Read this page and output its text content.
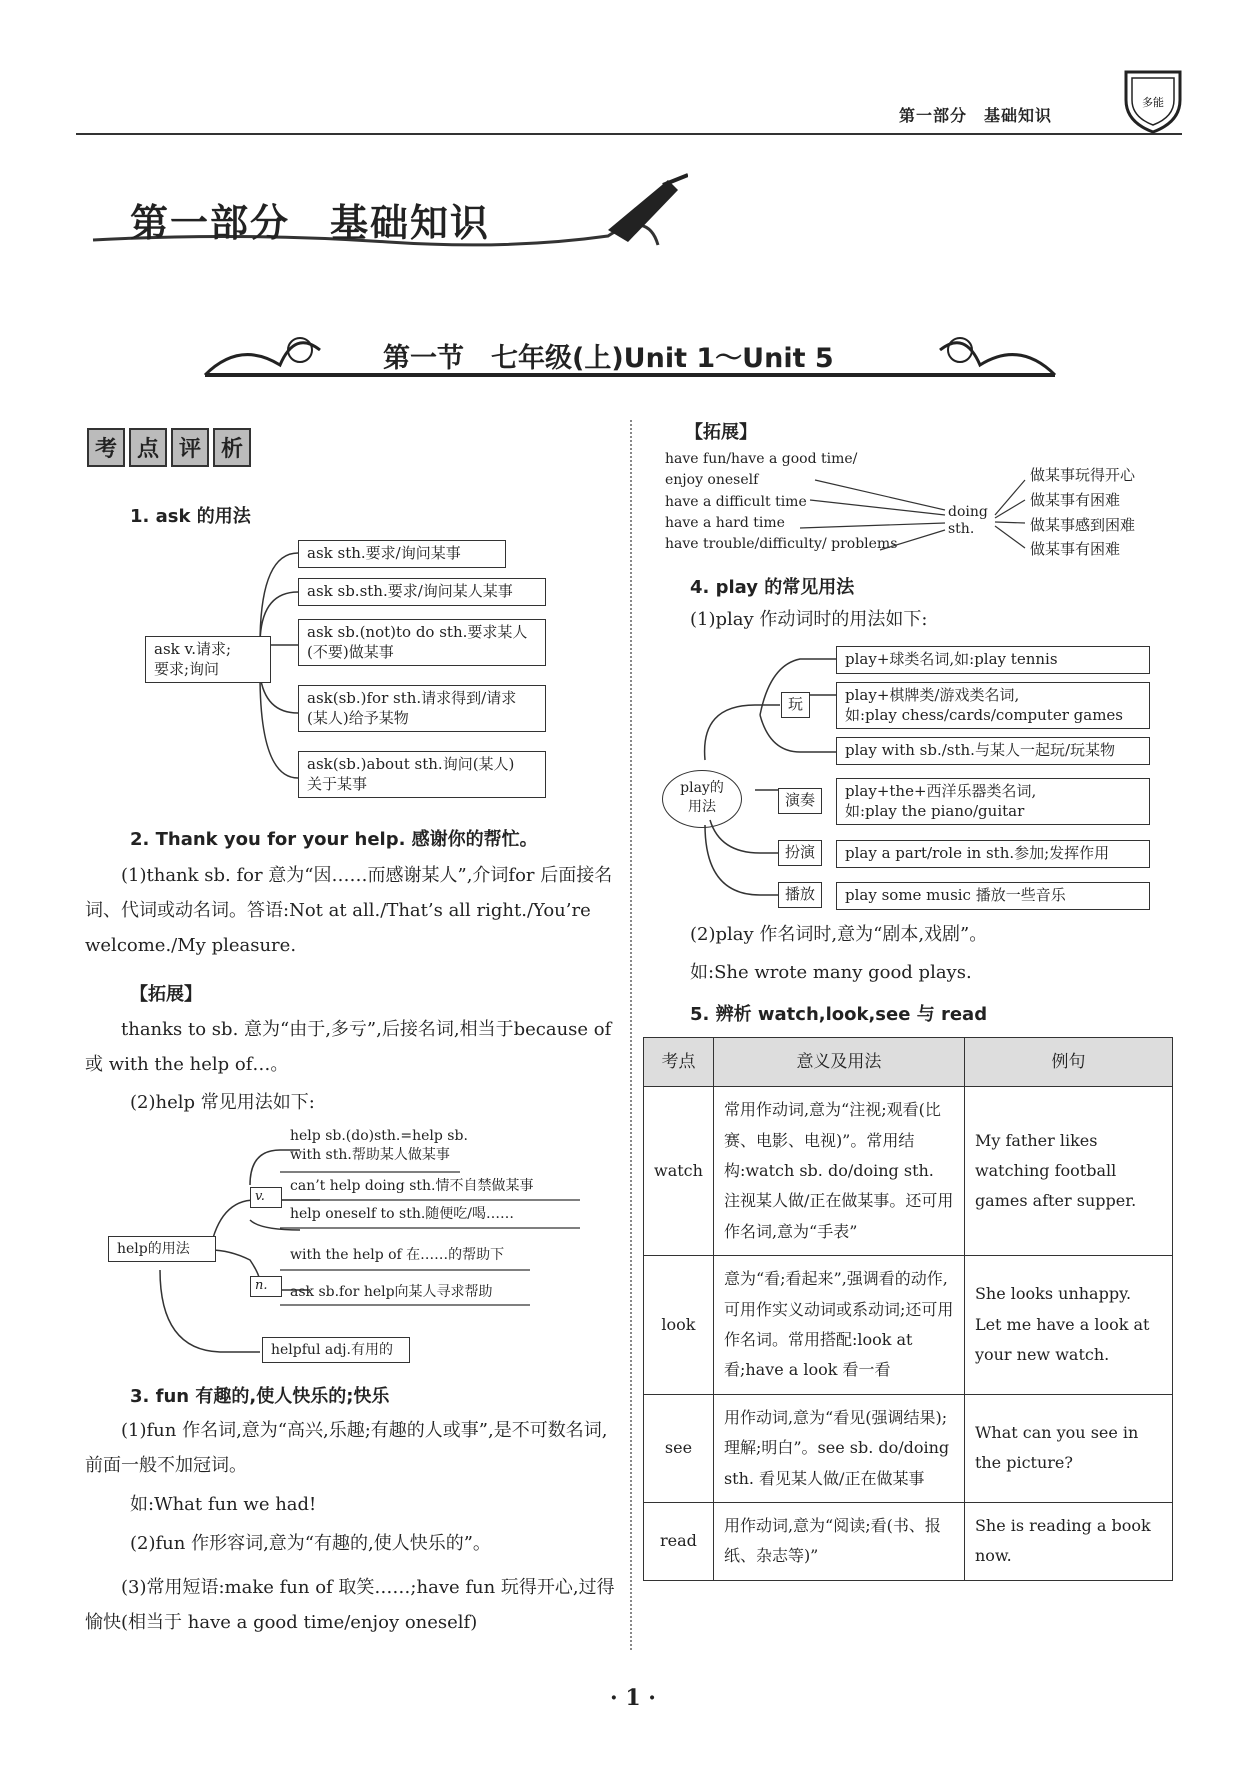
第一部分　基础知识
多能
第一部分　基础知识
第一节　七年级(上)Unit 1～Unit 5
考 点 评 析
1. ask 的用法
ask v.请求;
要求;询问
ask sth.要求/询问某事
ask sb.sth.要求/询问某人某事
ask sb.(not)to do sth.要求某人
(不要)做某事
ask(sb.)for sth.请求得到/请求
(某人)给予某物
ask(sb.)about sth.询问(某人)
关于某事
2. Thank you for your help. 感谢你的帮忙。
(1)thank sb. for 意为“因……而感谢某人”,介词for 后面接名词、代词或动名词。答语:Not at all./That’s all right./You’re welcome./My pleasure.
【拓展】
thanks to sb. 意为“由于,多亏”,后接名词,相当于because of 或 with the help of…。
(2)help 常见用法如下:
help的用法
v.
n.
help sb.(do)sth.=help sb.
with sth.帮助某人做某事
can’t help doing sth.情不自禁做某事
help oneself to sth.随便吃/喝……
with the help of 在……的帮助下
ask sb.for help向某人寻求帮助
helpful adj.有用的
3. fun 有趣的,使人快乐的;快乐
(1)fun 作名词,意为“高兴,乐趣;有趣的人或事”,是不可数名词,前面一般不加冠词。
如:What fun we had!
(2)fun 作形容词,意为“有趣的,使人快乐的”。
(3)常用短语:make fun of 取笑……;have fun 玩得开心,过得愉快(相当于 have a good time/enjoy oneself)
【拓展】
have fun/have a good time/
enjoy oneself
have a difficult time
have a hard time
have trouble/difficulty/ problems
doing
sth.
做某事玩得开心
做某事有困难
做某事感到困难
做某事有困难
4. play 的常见用法
(1)play 作动词时的用法如下:
play的
用法
玩
演奏
扮演
播放
play+球类名词,如:play tennis
play+棋牌类/游戏类名词,
如:play chess/cards/computer games
play with sb./sth.与某人一起玩/玩某物
play+the+西洋乐器类名词,
如:play the piano/guitar
play a part/role in sth.参加;发挥作用
play some music 播放一些音乐
(2)play 作名词时,意为“剧本,戏剧”。
如:She wrote many good plays.
5. 辨析 watch,look,see 与 read
考点	意义及用法	例句
watch	常用作动词,意为“注视;观看(比赛、电影、电视)”。常用结构:watch sb. do/doing sth. 注视某人做/正在做某事。还可用作名词,意为“手表”	My father likes watching football games after supper.
look	意为“看;看起来”,强调看的动作,可用作实义动词或系动词;还可用作名词。常用搭配:look at 看;have a look 看一看	She looks unhappy. Let me have a look at your new watch.
see	用作动词,意为“看见(强调结果);理解;明白”。see sb. do/doing sth. 看见某人做/正在做某事	What can you see in the picture?
read	用作动词,意为“阅读;看(书、报纸、杂志等)”	She is reading a book now.
· 1 ·
